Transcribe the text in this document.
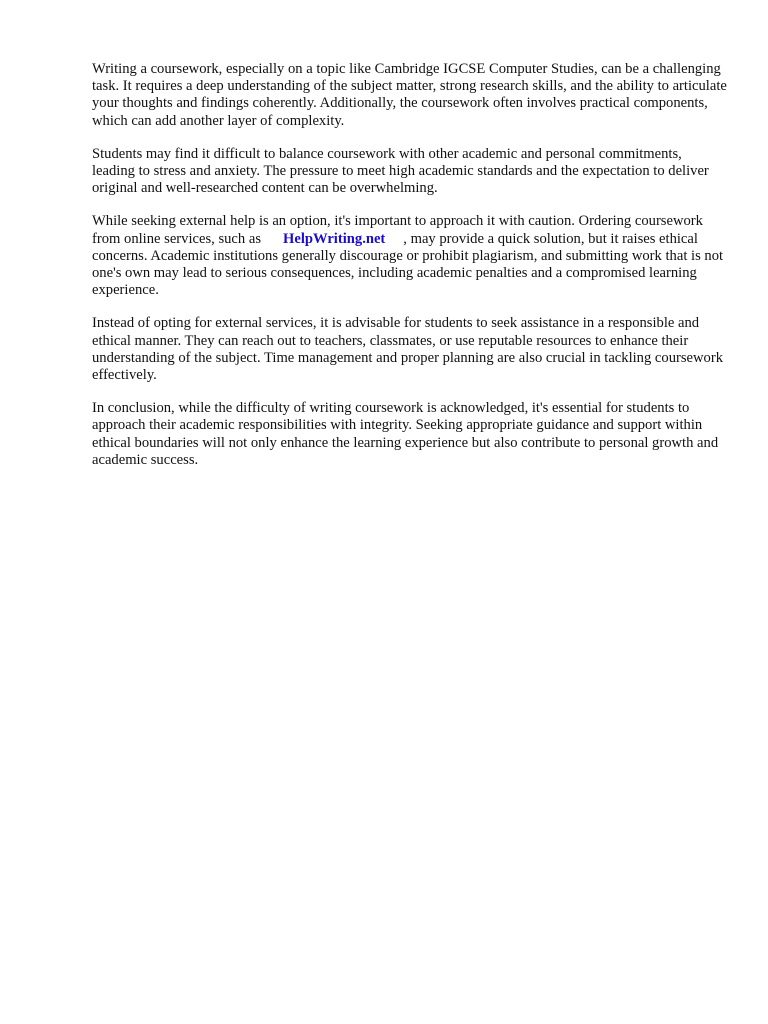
Writing a coursework, especially on a topic like Cambridge IGCSE Computer Studies, can be a challenging task. It requires a deep understanding of the subject matter, strong research skills, and the ability to articulate your thoughts and findings coherently. Additionally, the coursework often involves practical components, which can add another layer of complexity.

Students may find it difficult to balance coursework with other academic and personal commitments, leading to stress and anxiety. The pressure to meet high academic standards and the expectation to deliver original and well-researched content can be overwhelming.

While seeking external help is an option, it's important to approach it with caution. Ordering coursework from online services, such as HelpWriting.net , may provide a quick solution, but it raises ethical concerns. Academic institutions generally discourage or prohibit plagiarism, and submitting work that is not one's own may lead to serious consequences, including academic penalties and a compromised learning experience.

Instead of opting for external services, it is advisable for students to seek assistance in a responsible and ethical manner. They can reach out to teachers, classmates, or use reputable resources to enhance their understanding of the subject. Time management and proper planning are also crucial in tackling coursework effectively.

In conclusion, while the difficulty of writing coursework is acknowledged, it's essential for students to approach their academic responsibilities with integrity. Seeking appropriate guidance and support within ethical boundaries will not only enhance the learning experience but also contribute to personal growth and academic success.
